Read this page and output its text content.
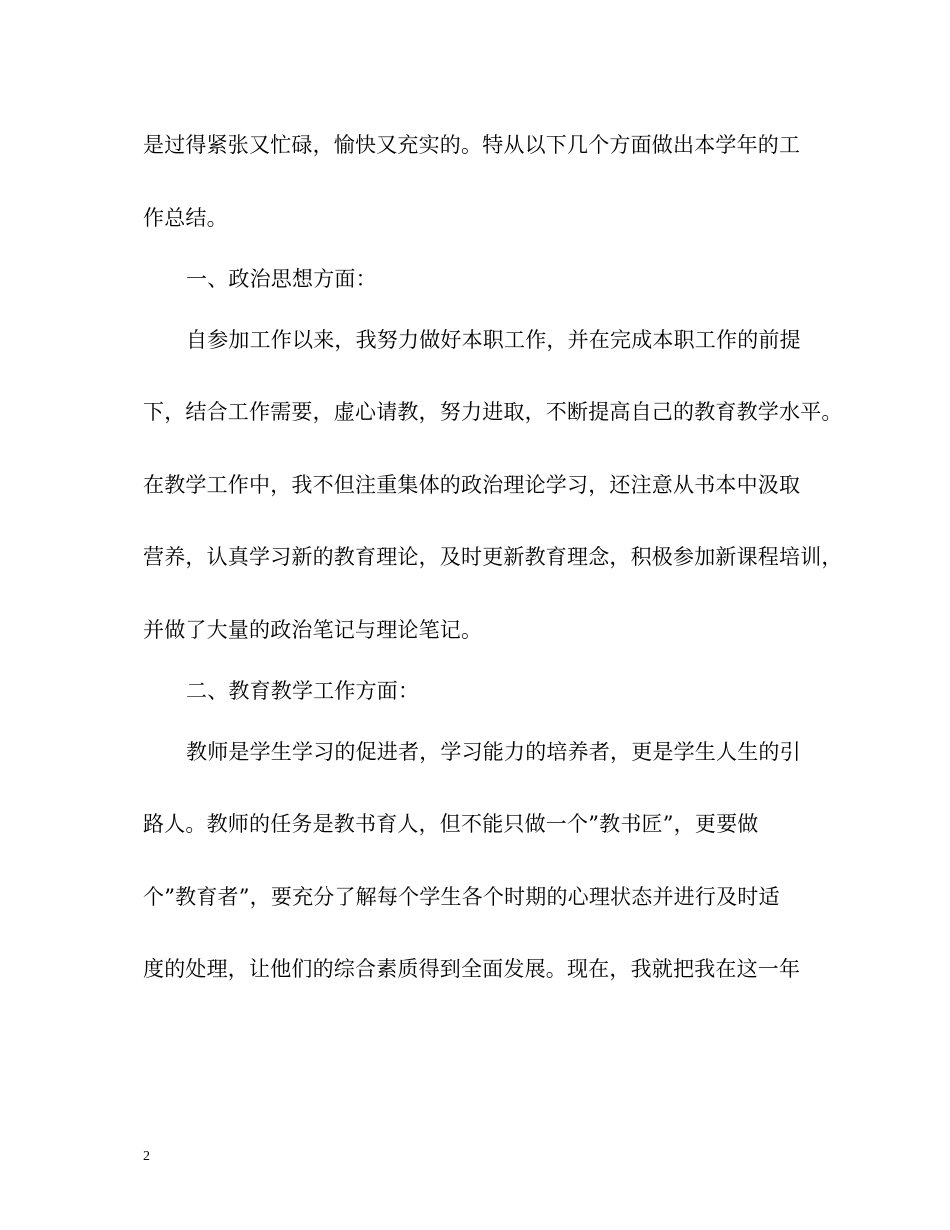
是过得紧张又忙碌，愉快又充实的。特从以下几个方面做出本学年的工
作总结。
一、政治思想方面：
自参加工作以来，我努力做好本职工作，并在完成本职工作的前提
下，结合工作需要，虚心请教，努力进取，不断提高自己的教育教学水平。
在教学工作中，我不但注重集体的政治理论学习，还注意从书本中汲取
营养，认真学习新的教育理论，及时更新教育理念，积极参加新课程培训，
并做了大量的政治笔记与理论笔记。
二、教育教学工作方面：
教师是学生学习的促进者，学习能力的培养者，更是学生人生的引
路人。教师的任务是教书育人，但不能只做一个”教书匠”，更要做
个”教育者”，要充分了解每个学生各个时期的心理状态并进行及时适
度的处理，让他们的综合素质得到全面发展。现在，我就把我在这一年
2
